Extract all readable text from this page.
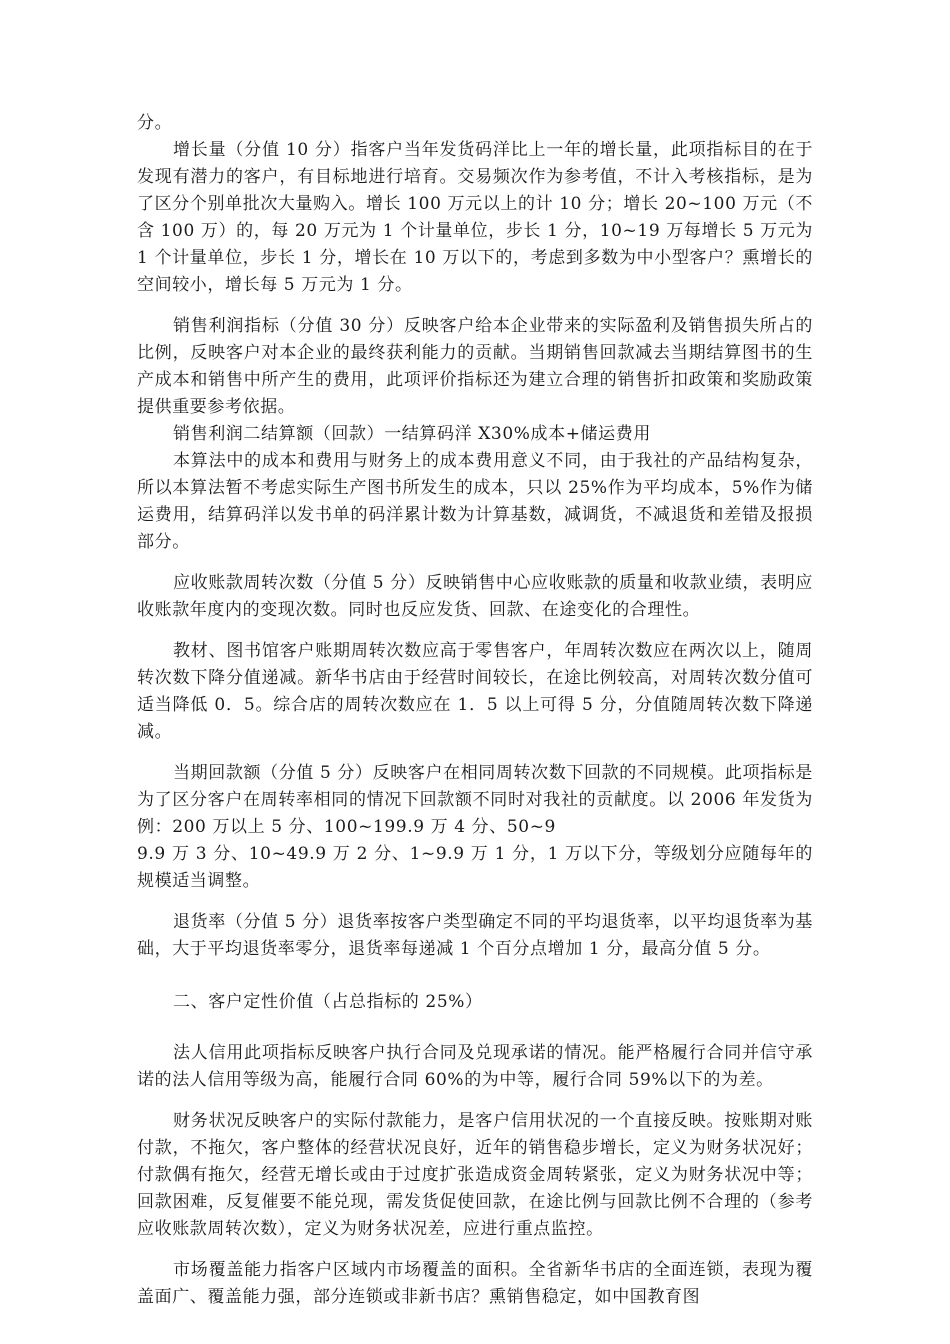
分。

增长量（分值 10 分）指客户当年发货码洋比上一年的增长量，此项指标目的在于发现有潜力的客户，有目标地进行培育。交易频次作为参考值，不计入考核指标，是为了区分个别单批次大量购入。增长 100 万元以上的计 10 分；增长 20~100 万元（不含 100 万）的，每 20 万元为 1 个计量单位，步长 1 分，10~19 万每增长 5 万元为 1 个计量单位，步长 1 分，增长在 10 万以下的，考虑到多数为中小型客户？熏增长的空间较小，增长每 5 万元为 1 分。

销售利润指标（分值 30 分）反映客户给本企业带来的实际盈利及销售损失所占的比例，反映客户对本企业的最终获利能力的贡献。当期销售回款减去当期结算图书的生产成本和销售中所产生的费用，此项评价指标还为建立合理的销售折扣政策和奖励政策提供重要参考依据。

销售利润二结算额（回款）一结算码洋 X30%成本+储运费用

本算法中的成本和费用与财务上的成本费用意义不同，由于我社的产品结构复杂，所以本算法暂不考虑实际生产图书所发生的成本，只以 25%作为平均成本，5%作为储运费用，结算码洋以发书单的码洋累计数为计算基数，减调货，不减退货和差错及报损部分。

应收账款周转次数（分值 5 分）反映销售中心应收账款的质量和收款业绩，表明应收账款年度内的变现次数。同时也反应发货、回款、在途变化的合理性。

教材、图书馆客户账期周转次数应高于零售客户，年周转次数应在两次以上，随周转次数下降分值递减。新华书店由于经营时间较长，在途比例较高，对周转次数分值可适当降低 0．5。综合店的周转次数应在 1．5 以上可得 5 分，分值随周转次数下降递减。

当期回款额（分值 5 分）反映客户在相同周转次数下回款的不同规模。此项指标是为了区分客户在周转率相同的情况下回款额不同时对我社的贡献度。以 2006 年发货为例：200 万以上 5 分、100~199.9 万 4 分、50~9

9.9 万 3 分、10~49.9 万 2 分、1~9.9 万 1 分，1 万以下分，等级划分应随每年的规模适当调整。

退货率（分值 5 分）退货率按客户类型确定不同的平均退货率，以平均退货率为基础，大于平均退货率零分，退货率每递减 1 个百分点增加 1 分，最高分值 5 分。

二、客户定性价值（占总指标的 25%）

法人信用此项指标反映客户执行合同及兑现承诺的情况。能严格履行合同并信守承诺的法人信用等级为高，能履行合同 60%的为中等，履行合同 59%以下的为差。

财务状况反映客户的实际付款能力，是客户信用状况的一个直接反映。按账期对账付款，不拖欠，客户整体的经营状况良好，近年的销售稳步增长，定义为财务状况好；付款偶有拖欠，经营无增长或由于过度扩张造成资金周转紧张，定义为财务状况中等；回款困难，反复催要不能兑现，需发货促使回款，在途比例与回款比例不合理的（参考应收账款周转次数），定义为财务状况差，应进行重点监控。

市场覆盖能力指客户区域内市场覆盖的面积。全省新华书店的全面连锁，表现为覆盖面广、覆盖能力强，部分连锁或非新书店？熏销售稳定，如中国教育图
